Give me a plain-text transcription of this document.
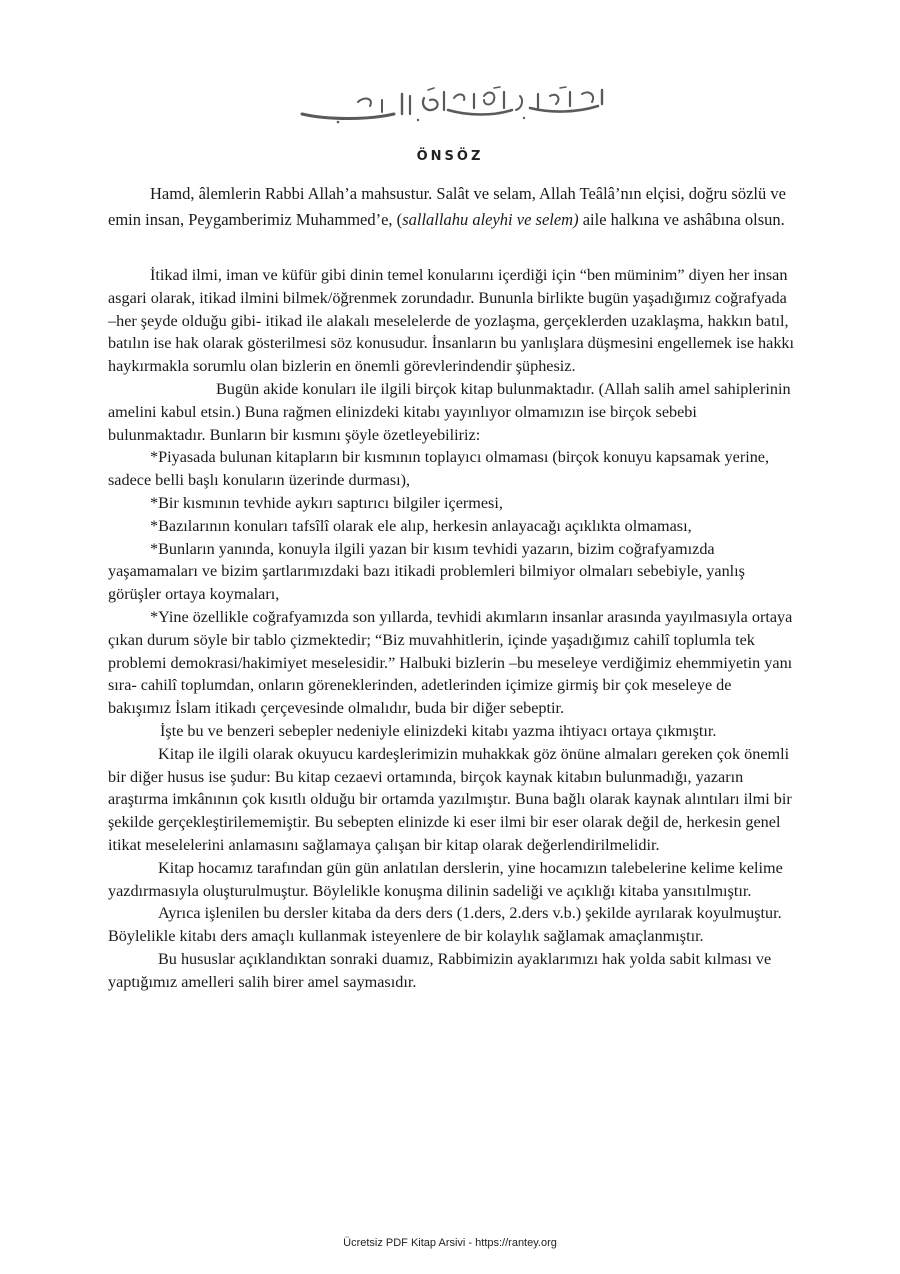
ÖNSÖZ

Hamd, âlemlerin Rabbi Allah’a mahsustur. Salât ve selam, Allah Teâlâ’nın elçisi, doğru sözlü ve emin insan, Peygamberimiz Muhammed’e, (sallallahu aleyhi ve selem) aile halkına ve ashâbına olsun.

İtikad ilmi, iman ve küfür gibi dinin temel konularını içerdiği için “ben müminim” diyen her insan asgari olarak, itikad ilmini bilmek/öğrenmek zorundadır. Bununla birlikte bugün yaşadığımız coğrafyada –her şeyde olduğu gibi- itikad ile alakalı meselelerde de yozlaşma, gerçeklerden uzaklaşma, hakkın batıl, batılın ise hak olarak gösterilmesi söz konusudur. İnsanların bu yanlışlara düşmesini engellemek ise hakkı haykırmakla sorumlu olan bizlerin en önemli görevlerindendir şüphesiz.

Bugün akide konuları ile ilgili birçok kitap bulunmaktadır. (Allah salih amel sahiplerinin amelini kabul etsin.) Buna rağmen elinizdeki kitabı yayınlıyor olmamızın ise birçok sebebi bulunmaktadır. Bunların bir kısmını şöyle özetleyebiliriz:

*Piyasada bulunan kitapların bir kısmının toplayıcı olmaması (birçok konuyu kapsamak yerine, sadece belli başlı konuların üzerinde durması),

*Bir kısmının tevhide aykırı saptırıcı bilgiler içermesi,

*Bazılarının konuları tafsîlî olarak ele alıp, herkesin anlayacağı açıklıkta olmaması,

*Bunların yanında, konuyla ilgili yazan bir kısım tevhidi yazarın, bizim coğrafyamızda yaşamamaları ve bizim şartlarımızdaki bazı itikadi problemleri bilmiyor olmaları sebebiyle, yanlış görüşler ortaya koymaları,

*Yine özellikle coğrafyamızda son yıllarda, tevhidi akımların insanlar arasında yayılmasıyla ortaya çıkan durum söyle bir tablo çizmektedir; “Biz muvahhitlerin, içinde yaşadığımız cahilî toplumla tek problemi demokrasi/hakimiyet meselesidir.” Halbuki bizlerin –bu meseleye verdiğimiz ehemmiyetin yanı sıra- cahilî toplumdan, onların göreneklerinden, adetlerinden içimize girmiş bir çok meseleye de bakışımız İslam itikadı çerçevesinde olmalıdır, buda bir diğer sebeptir.

İşte bu ve benzeri sebepler nedeniyle elinizdeki kitabı yazma ihtiyacı ortaya çıkmıştır.

Kitap ile ilgili olarak okuyucu kardeşlerimizin muhakkak göz önüne almaları gereken çok önemli bir diğer husus ise şudur: Bu kitap cezaevi ortamında, birçok kaynak kitabın bulunmadığı, yazarın araştırma imkânının çok kısıtlı olduğu bir ortamda yazılmıştır. Buna bağlı olarak kaynak alıntıları ilmi bir şekilde gerçekleştirilememiştir. Bu sebepten elinizde ki eser ilmi bir eser olarak değil de, herkesin genel itikat meselelerini anlamasını sağlamaya çalışan bir kitap olarak değerlendirilmelidir.

Kitap hocamız tarafından gün gün anlatılan derslerin, yine hocamızın talebelerine kelime kelime yazdırmasıyla oluşturulmuştur. Böylelikle konuşma dilinin sadeliği ve açıklığı kitaba yansıtılmıştır.

Ayrıca işlenilen bu dersler kitaba da ders ders (1.ders, 2.ders v.b.) şekilde ayrılarak koyulmuştur. Böylelikle kitabı ders amaçlı kullanmak isteyenlere de bir kolaylık sağlamak amaçlanmıştır.

Bu hususlar açıklandıktan sonraki duamız, Rabbimizin ayaklarımızı hak yolda sabit kılması ve yaptığımız amelleri salih birer amel saymasıdır.

Ücretsiz PDF Kitap Arsivi - https://rantey.org
